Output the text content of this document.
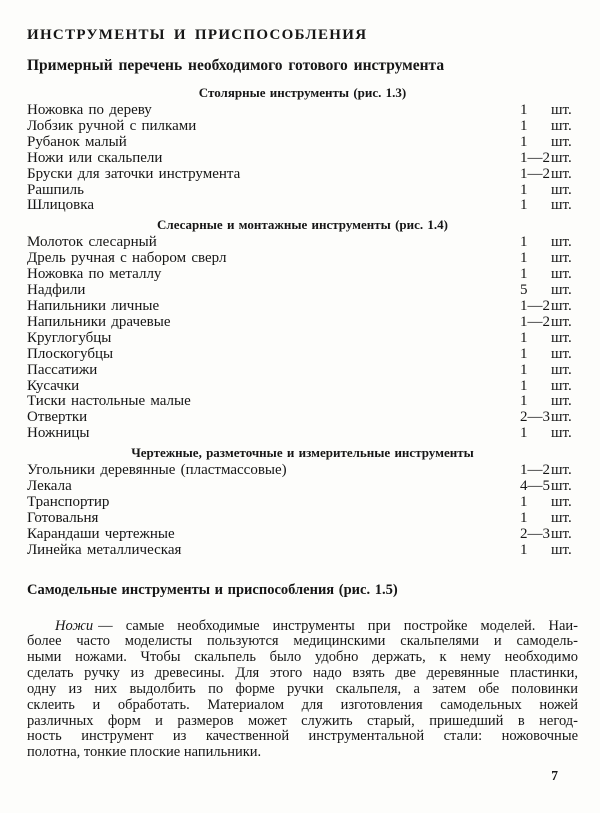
ИНСТРУМЕНТЫ И ПРИСПОСОБЛЕНИЯ
Примерный перечень необходимого готового инструмента
Столярные инструменты (рис. 1.3)
Ножовка по дереву	1	шт.
Лобзик ручной с пилками	1	шт.
Рубанок малый	1	шт.
Ножи или скальпели	1—2 шт.
Бруски для заточки инструмента	1—2 шт.
Рашпиль	1	шт.
Шлицовка	1	шт.
Слесарные и монтажные инструменты (рис. 1.4)
Молоток слесарный	1	шт.
Дрель ручная с набором сверл	1	шт.
Ножовка по металлу	1	шт.
Надфили	5	шт.
Напильники личные	1—2 шт.
Напильники драчевые	1—2 шт.
Круглогубцы	1	шт.
Плоскогубцы	1	шт.
Пассатижи	1	шт.
Кусачки	1	шт.
Тиски настольные малые	1	шт.
Отвертки	2—3 шт.
Ножницы	1	шт.
Чертежные, разметочные и измерительные инструменты
Угольники деревянные (пластмассовые)	1—2 шт.
Лекала	4—5 шт.
Транспортир	1	шт.
Готовальня	1	шт.
Карандаши чертежные	2—3 шт.
Линейка металлическая	1	шт.
Самодельные инструменты и приспособления (рис. 1.5)

Ножи — самые необходимые инструменты при постройке моделей. Наи-
более часто моделисты пользуются медицинскими скальпелями и самодель-
ными ножами. Чтобы скальпель было удобно держать, к нему необходимо
сделать ручку из древесины. Для этого надо взять две деревянные пластинки,
одну из них выдолбить по форме ручки скальпеля, а затем обе половинки
склеить и обработать. Материалом для изготовления самодельных ножей
различных форм и размеров может служить старый, пришедший в негод-
ность инструмент из качественной инструментальной стали: ножовочные
полотна, тонкие плоские напильники.

7
